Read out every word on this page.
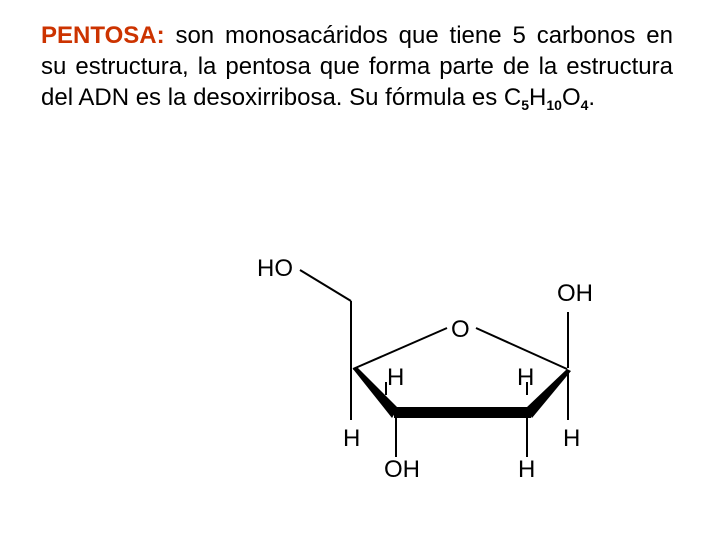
PENTOSA: son monosacáridos que tiene 5 carbonos en su estructura, la pentosa que forma parte de la estructura del ADN es la desoxirribosa. Su fórmula es $C_5H_{10}O_4$.
HO
OH
O
H	H
H	H
OH	H
